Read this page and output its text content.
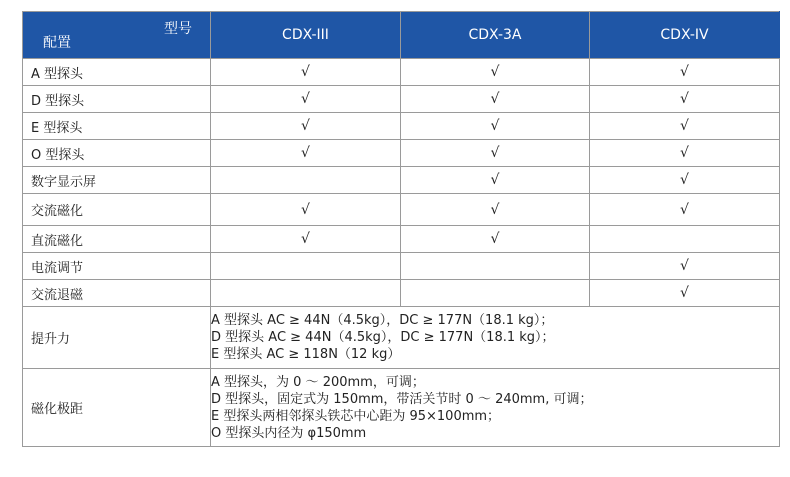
型号
配置	CDX-III	CDX-3A	CDX-IV
A 型探头	√	√	√
D 型探头	√	√	√
E 型探头	√	√	√
O 型探头	√	√	√
数字显示屏		√	√
交流磁化	√	√	√
直流磁化	√	√	
电流调节			√
交流退磁			√
提升力	A 型探头 AC ≥ 44N（4.5kg），DC ≥ 177N（18.1 kg）；
D 型探头 AC ≥ 44N（4.5kg），DC ≥ 177N（18.1 kg）；
E 型探头 AC ≥ 118N（12 kg）		

磁化极距	A 型探头，为 0 ～ 200mm，可调；
D 型探头，固定式为 150mm，带活关节时 0 ～ 240mm, 可调；
E 型探头两相邻探头铁芯中心距为 95×100mm；
O 型探头内径为 φ150mm		
